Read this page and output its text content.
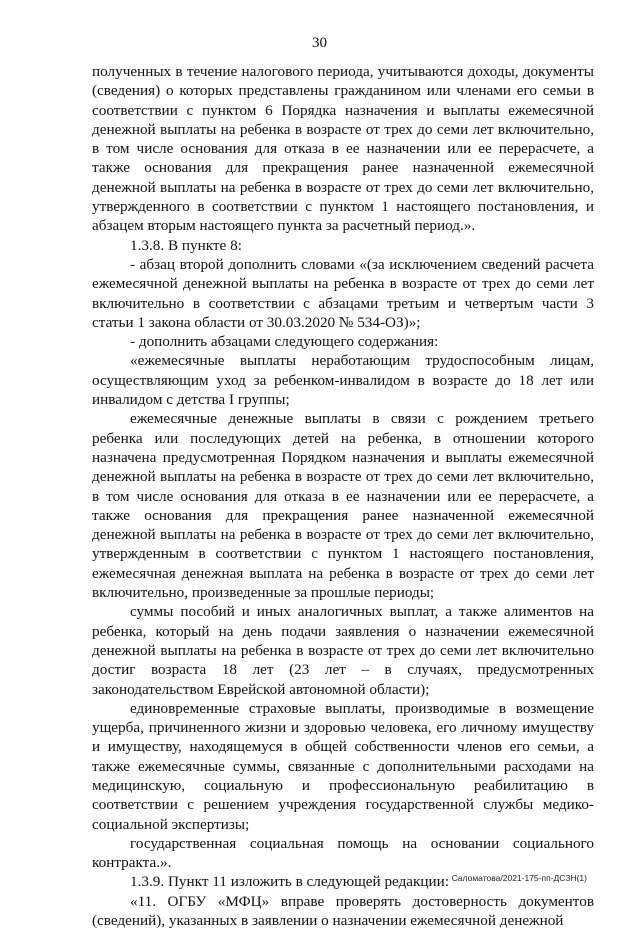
30

полученных в течение налогового периода, учитываются доходы, документы (сведения) о которых представлены гражданином или членами его семьи в соответствии с пунктом 6 Порядка назначения и выплаты ежемесячной денежной выплаты на ребенка в возрасте от трех до семи лет включительно, в том числе основания для отказа в ее назначении или ее перерасчете, а также основания для прекращения ранее назначенной ежемесячной денежной выплаты на ребенка в возрасте от трех до семи лет включительно, утвержденного в соответствии с пунктом 1 настоящего постановления, и абзацем вторым настоящего пункта за расчетный период.».

1.3.8. В пункте 8:

- абзац второй дополнить словами «(за исключением сведений расчета ежемесячной денежной выплаты на ребенка в возрасте от трех до семи лет включительно в соответствии с абзацами третьим и четвертым части 3 статьи 1 закона области от 30.03.2020 № 534-ОЗ)»;

- дополнить абзацами следующего содержания:

«ежемесячные выплаты неработающим трудоспособным лицам, осуществляющим уход за ребенком-инвалидом в возрасте до 18 лет или инвалидом с детства I группы;

ежемесячные денежные выплаты в связи с рождением третьего ребенка или последующих детей на ребенка, в отношении которого назначена предусмотренная Порядком назначения и выплаты ежемесячной денежной выплаты на ребенка в возрасте от трех до семи лет включительно, в том числе основания для отказа в ее назначении или ее перерасчете, а также основания для прекращения ранее назначенной ежемесячной денежной выплаты на ребенка в возрасте от трех до семи лет включительно, утвержденным в соответствии с пунктом 1 настоящего постановления, ежемесячная денежная выплата на ребенка в возрасте от трех до семи лет включительно, произведенные за прошлые периоды;

суммы пособий и иных аналогичных выплат, а также алиментов на ребенка, который на день подачи заявления о назначении ежемесячной денежной выплаты на ребенка в возрасте от трех до семи лет включительно достиг возраста 18 лет (23 лет – в случаях, предусмотренных законодательством Еврейской автономной области);

единовременные страховые выплаты, производимые в возмещение ущерба, причиненного жизни и здоровью человека, его личному имуществу и имуществу, находящемуся в общей собственности членов его семьи, а также ежемесячные суммы, связанные с дополнительными расходами на медицинскую, социальную и профессиональную реабилитацию в соответствии с решением учреждения государственной службы медико-социальной экспертизы;

государственная социальная помощь на основании социального контракта.».

1.3.9. Пункт 11 изложить в следующей редакции:

«11. ОГБУ «МФЦ» вправе проверять достоверность документов (сведений), указанных в заявлении о назначении ежемесячной денежной

Саломатова/2021-175-пп-ДСЗН(1)
